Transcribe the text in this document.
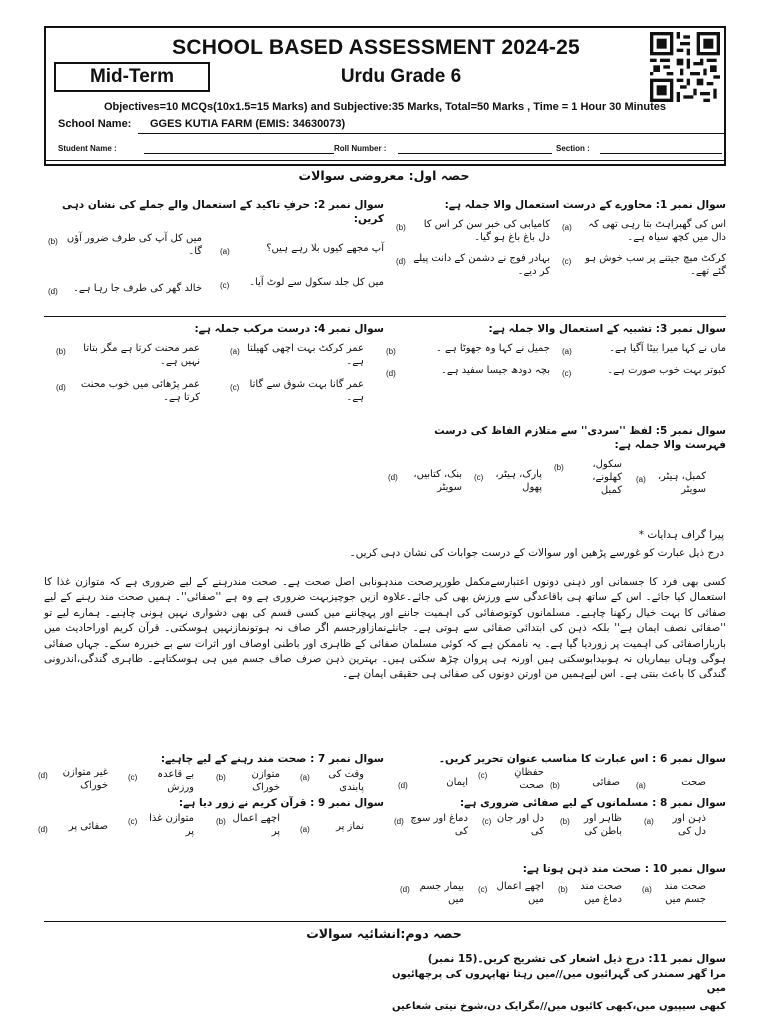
SCHOOL BASED ASSESSMENT 2024-25
Mid-Term	Urdu Grade 6
Objectives=10 MCQs(10x1.5=15 Marks) and Subjective:35 Marks, Total=50 Marks , Time = 1 Hour 30 Minutes
School Name: GGES KUTIA FARM (EMIS: 34630073)
Student Name :	Roll Number :	Section :
حصہ اول: معروضی سوالات
سوال نمبر 1: محاورے کے درست استعمال والا جملہ ہے:
(a) اس کی گھبراہٹ بتا رہی تھی کہ دال میں کچھ سیاہ ہے۔
(b) کامیابی کی خبر سن کر اس کا دل باغ باغ ہو گیا۔
(c) کرکٹ میچ جیتنے پر سب خوش ہو گئے تھے۔
(d) بہادر فوج نے دشمن کے دانت پیلے کر دیے۔
سوال نمبر 2: حرفِ تاکید کے استعمال والے جملے کی نشان دہی کریں:
(a)	آپ مجھے کیوں بلا رہے ہیں؟
(b) میں کل آپ کی طرف ضرور آؤں گا۔
(c) میں کل جلد سکول سے لوٹ آیا۔
(d) خالد گھر کی طرف جا رہا ہے۔
سوال نمبر 3: تشبیہ کے استعمال والا جملہ ہے:
(a)	ماں نے کہا میرا بیٹا آگیا ہے۔
(b)	جمیل نے کہا وہ جھوٹا ہے ۔
(c)	کبوتر بہت خوب صورت ہے۔
(d)	بچہ دودھ جیسا سفید ہے۔
سوال نمبر 4: درست مرکب جملہ ہے:
(a) عمر کرکٹ بہت اچھی کھیلتا ہے۔
(b) عمر محنت کرتا ہے مگر بتاتا نہیں ہے۔
(c) عمر گانا بہت شوق سے گاتا ہے۔
(d) عمر پڑھائی میں خوب محنت کرتا ہے۔
سوال نمبر 5: لفظ ''سردی'' سے متلازم الفاظ کی درست فہرست والا جملہ ہے:
(a) کمبل، ہیٹر، سویٹر
(b)	سکول، کھلونے، کمبل
(c) پارک، ہیٹر، پھول
(d) بنک، کتابیں، سویٹر
پیرا گراف ہدایات *
درج ذیل عبارت کو غورسے پڑھیں اور سوالات کے درست جوابات کی نشان دہی کریں۔
کسی بھی فرد کا جسمانی اور ذہنی دونوں اعتبارسےمکمل طورپرصحت مندہونابی اصل صحت ہے۔ صحت مندرہنے کے لیے ضروری ہے کہ متوازن غذا کا استعمال کیا جائے۔ اس کے ساتھ ہی باقاعدگی سے ورزش بھی کی جائے۔علاوہ ازیں جوچیزبہت ضروری ہے وہ ہے ''صفائی''۔ ہمیں صحت مند رہنے کے لیے صفائی کا بہت خیال رکھنا چاہیے۔ مسلمانوں کوتوصفائی کی اہمیت جاننے اور پہچاننے میں کسی قسم کی بھی دشواری نہیں ہونی چاہیے۔ ہمارے لیے تو ''صفائی نصف ایمان ہے'' بلکہ ذہن کی ابتدائی صفائی سے ہوتی ہے۔ جانئےنمازاورجسم اگر صاف نہ ہوتونمازنہیں ہوسکتی۔ قرآن کریم اوراحادیث میں بارباراصفائی کی اہمیت پر زوردیا گیا ہے۔ یہ ناممکن ہے کہ کوئی مسلمان صفائی کے ظاہری اور باطنی اوصاف اور اثرات سے بے خبررہ سکے۔ جہاں صفائی ہوگی وہاں بیماریاں نہ ہوںیدابوسکتی ہیں اورنہ ہی پروان چڑھ سکتی ہیں۔ بہترین ذہن صرف صاف جسم میں ہی ہوسکتاہے۔ ظاہری گندگی،اندرونی گندگی کا باعث بنتی ہے۔ اس لیےہمیں من اورتن دونوں کی صفائی ہی حقیقی ایمان ہے۔
سوال نمبر 6 : اس عبارت کا مناسب عنوان تحریر کریں۔
(a)	صحت
(b)	صفائی
(c)	حفظانِ صحت
(d)	ایمان
سوال نمبر 7 : صحت مند رہنے کے لیے چاہیے:
(a) وقت کی پابندی
(b)	متوازن خوراک
(c) بے قاعدہ ورزش
(d) غیر متوازن خوراک
سوال نمبر 8 : مسلمانوں کے لیے صفائی ضروری ہے:
(a) ذہن اور دل کی
(b) ظاہر اور باطن کی
(c) دل اور جان کی
(d) دماغ اور سوچ کی
سوال نمبر 9 : قرآن کریم نے زور دیا ہے:
(a)	نماز پر
(b) اچھے اعمال پر
(c) متوازن غذا پر
(d) صفائی پر
سوال نمبر 10 : صحت مند ذہن ہوتا ہے:
(a) صحت مند جسم میں
(b) صحت مند دماغ میں
(c) اچھے اعمال میں
(d) بیمار جسم میں
حصہ دوم:انشائیہ سوالات
سوال نمبر 11: درج ذیل اشعار کی تشریح کریں۔(15 نمبر)
مرا گھر سمندر کی گہرائیوں میں//میں رہتا تھاپہروں کی پرچھائیوں میں
کبھی سیپیوں میں،کبھی کائیوں میں//مگرایک دن،شوخ نیتی شعاعیں
